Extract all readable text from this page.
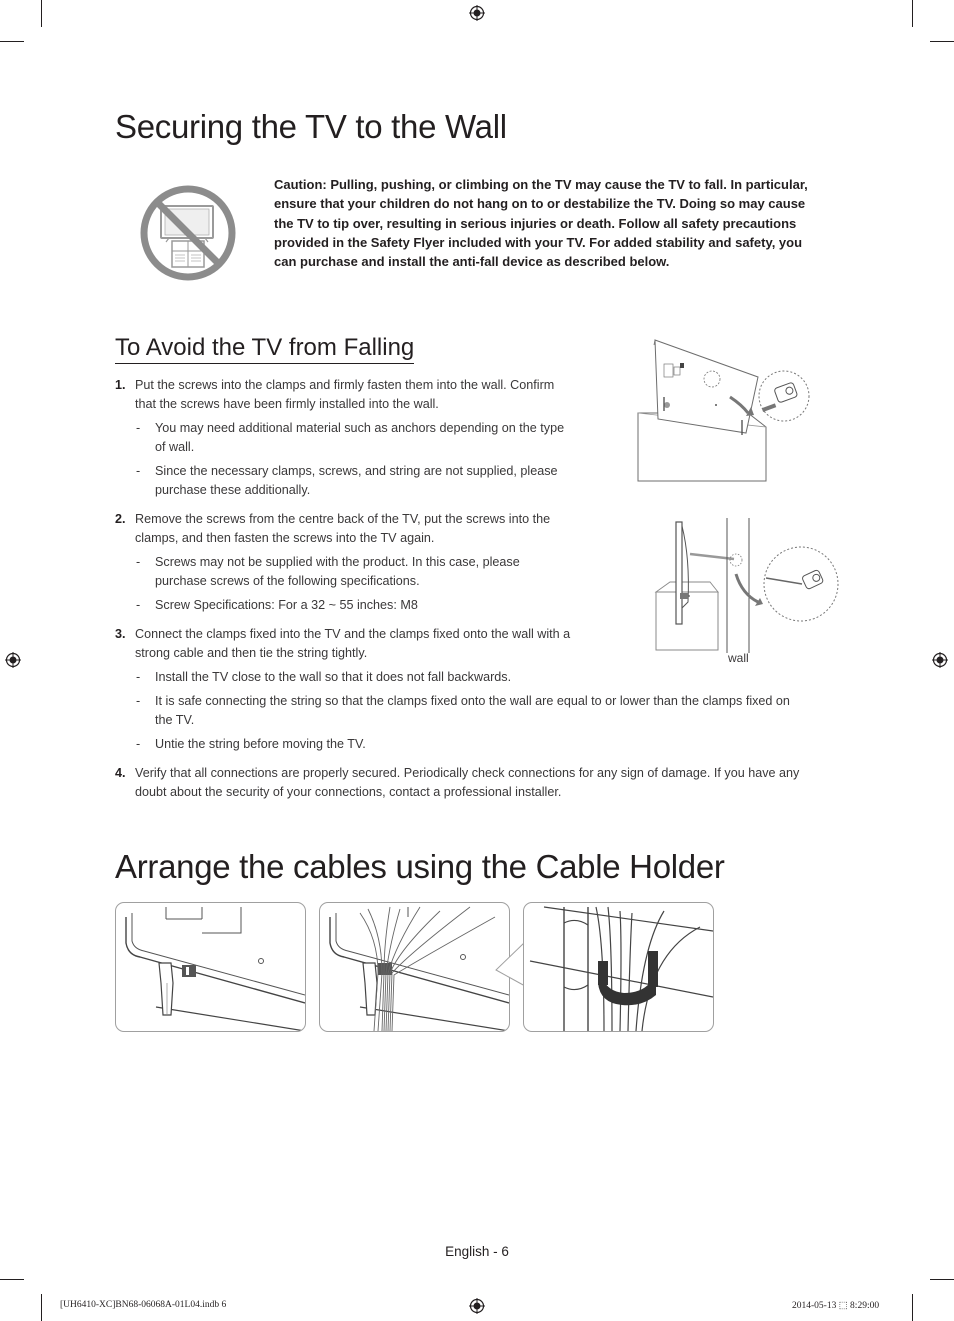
Securing the TV to the Wall
Caution: Pulling, pushing, or climbing on the TV may cause the TV to fall. In particular, ensure that your children do not hang on to or destabilize the TV. Doing so may cause the TV to tip over, resulting in serious injuries or death. Follow all safety precautions provided in the Safety Flyer included with your TV. For added stability and safety, you can purchase and install the anti-fall device as described below.
To Avoid the TV from Falling
1. Put the screws into the clamps and firmly fasten them into the wall. Confirm
that the screws have been firmly installed into the wall.
- You may need additional material such as anchors depending on the type
of wall.
- Since the necessary clamps, screws, and string are not supplied, please
purchase these additionally.
2. Remove the screws from the centre back of the TV, put the screws into the
clamps, and then fasten the screws into the TV again.
- Screws may not be supplied with the product. In this case, please
purchase screws of the following specifications.
- Screw Specifications: For a 32 ~ 55 inches: M8
3. Connect the clamps fixed into the TV and the clamps fixed onto the wall with a
strong cable and then tie the string tightly.
- Install the TV close to the wall so that it does not fall backwards.
- It is safe connecting the string so that the clamps fixed onto the wall are equal to or lower than the clamps fixed on
the TV.
- Untie the string before moving the TV.
4. Verify that all connections are properly secured. Periodically check connections for any sign of damage. If you have any
doubt about the security of your connections, contact a professional installer.
wall
Arrange the cables using the Cable Holder
English - 6
[UH6410-XC]BN68-06068A-01L04.indb 6	2014-05-13 ⬚ 8:29:00
